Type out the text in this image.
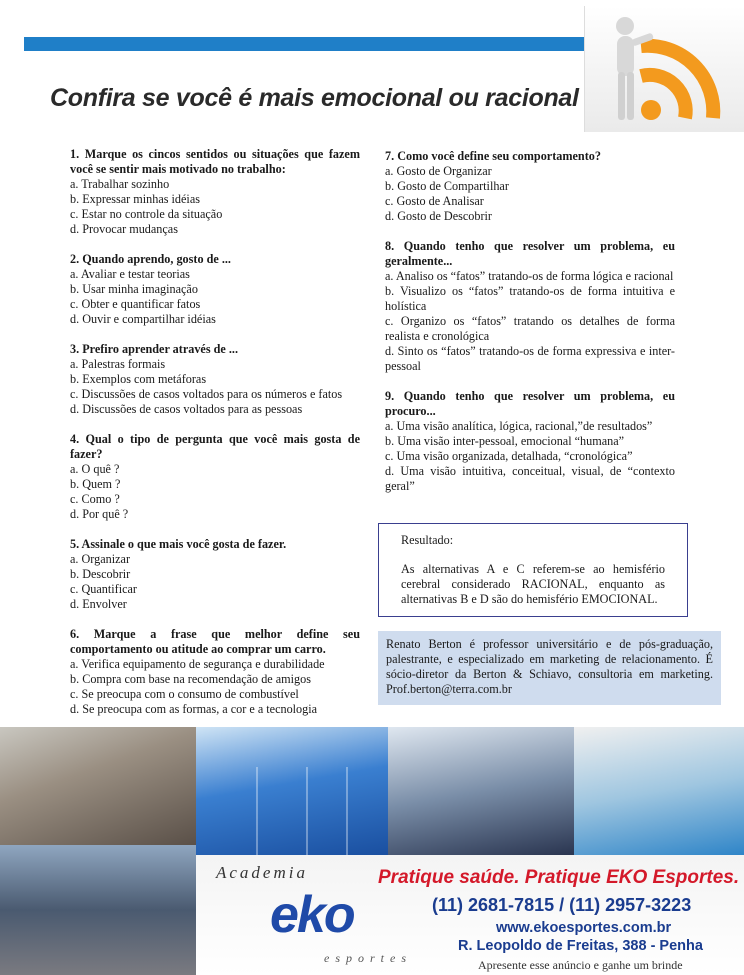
Confira se você é mais emocional ou racional
1. Marque os cincos sentidos ou situações que fazem você se sentir mais motivado no trabalho:
a. Trabalhar sozinho
b. Expressar minhas idéias
c. Estar no controle da situação
d. Provocar mudanças
2. Quando aprendo, gosto de ...
a. Avaliar e testar teorias
b. Usar minha imaginação
c. Obter e quantificar fatos
d. Ouvir e compartilhar idéias
3. Prefiro aprender através de ...
a. Palestras formais
b. Exemplos com metáforas
c. Discussões de casos voltados para os números e fatos
d. Discussões de casos voltados para as pessoas
4. Qual o tipo de pergunta que você mais gosta de fazer?
a. O quê ?
b. Quem ?
c. Como ?
d. Por quê ?
5. Assinale o que mais você gosta de fazer.
a. Organizar
b. Descobrir
c. Quantificar
d. Envolver
6. Marque a frase que melhor define seu comportamento ou atitude ao comprar um carro.
a. Verifica equipamento de segurança e durabilidade
b. Compra com base na recomendação de amigos
c. Se preocupa com o consumo de combustível
d. Se preocupa com as formas, a cor e a tecnologia
7. Como você define seu comportamento?
a. Gosto de Organizar
b. Gosto de Compartilhar
c. Gosto de Analisar
d. Gosto de Descobrir
8. Quando tenho que resolver um problema, eu geralmente...
a. Analiso os “fatos” tratando-os de forma lógica e racional
b. Visualizo os “fatos” tratando-os de forma intuitiva e holística
c. Organizo os “fatos” tratando os detalhes de forma realista e cronológica
d. Sinto os “fatos” tratando-os de forma expressiva e inter-pessoal
9. Quando tenho que resolver um problema, eu procuro...
a. Uma visão analítica, lógica, racional,”de resultados”
b. Uma visão inter-pessoal, emocional “humana”
c. Uma visão organizada, detalhada, “cronológica”
d. Uma visão intuitiva, conceitual, visual, de “contexto geral”
Resultado:
As alternativas A e C referem-se ao hemisfério cerebral considerado RACIONAL, enquanto as alternativas B e D são do hemisfério EMOCIONAL.
Renato Berton é professor universitário e de pós-graduação, palestrante, e especializado em marketing de relacionamento. É sócio-diretor da Berton & Schiavo, consultoria em marketing. Prof.berton@terra.com.br
Academia
eko
esportes
Pratique saúde. Pratique EKO Esportes.
(11) 2681-7815 / (11) 2957-3223
www.ekoesportes.com.br
R. Leopoldo de Freitas, 388 - Penha
Apresente esse anúncio e ganhe um brinde
